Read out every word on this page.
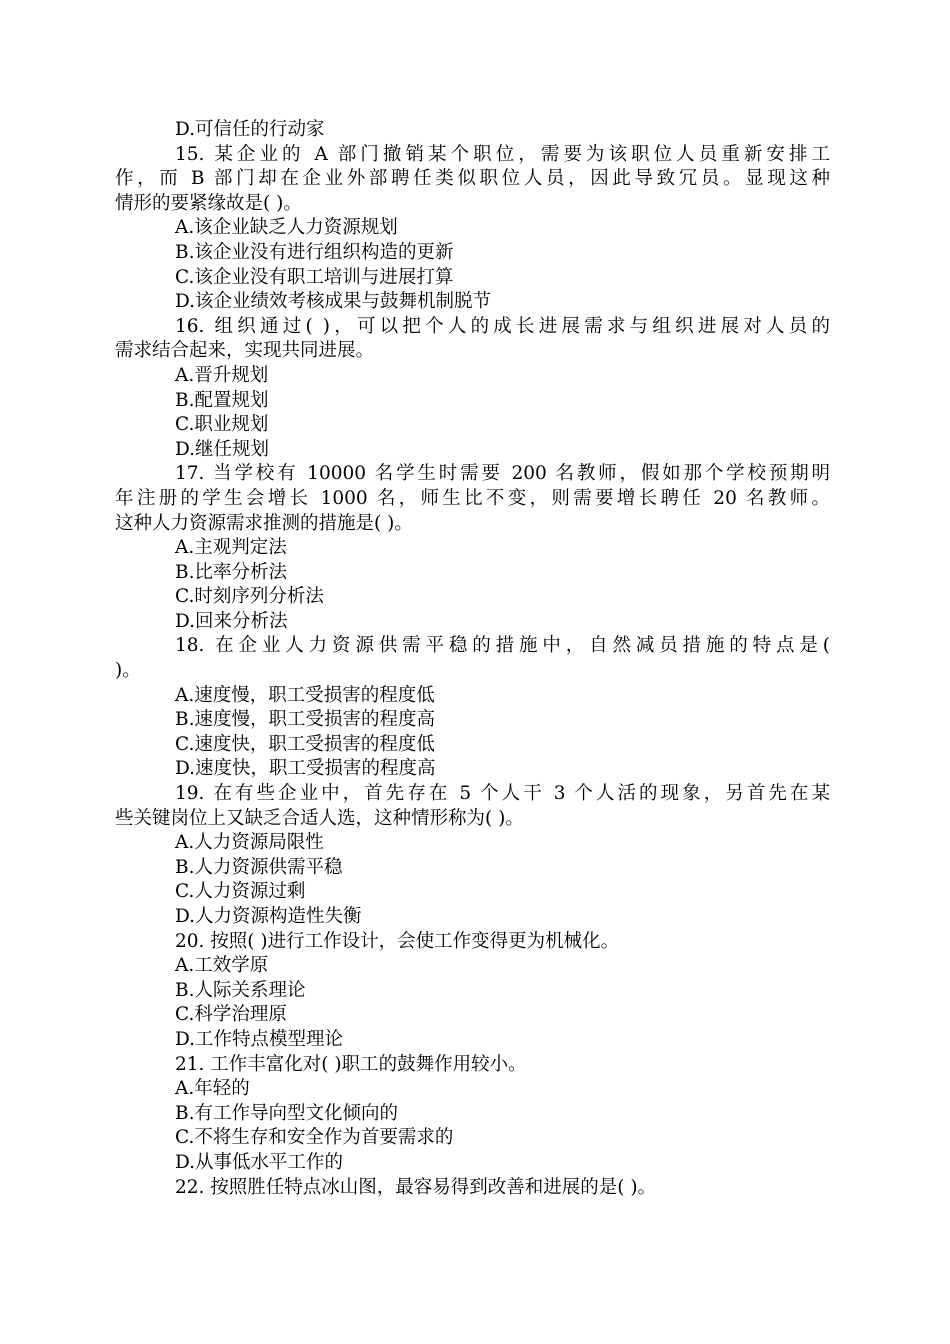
D.可信任的行动家
15. 某企业的 A 部门撤销某个职位，需要为该职位人员重新安排工
作，而 B 部门却在企业外部聘任类似职位人员，因此导致冗员。显现这种
情形的要紧缘故是( )。
A.该企业缺乏人力资源规划
B.该企业没有进行组织构造的更新
C.该企业没有职工培训与进展打算
D.该企业绩效考核成果与鼓舞机制脱节
16. 组织通过( )，可以把个人的成长进展需求与组织进展对人员的
需求结合起来，实现共同进展。
A.晋升规划
B.配置规划
C.职业规划
D.继任规划
17. 当学校有 10000 名学生时需要 200 名教师，假如那个学校预期明
年注册的学生会增长 1000 名，师生比不变，则需要增长聘任 20 名教师。
这种人力资源需求推测的措施是( )。
A.主观判定法
B.比率分析法
C.时刻序列分析法
D.回来分析法
18. 在企业人力资源供需平稳的措施中，自然减员措施的特点是(
)。
A.速度慢，职工受损害的程度低
B.速度慢，职工受损害的程度高
C.速度快，职工受损害的程度低
D.速度快，职工受损害的程度高
19. 在有些企业中，首先存在 5 个人干 3 个人活的现象，另首先在某
些关键岗位上又缺乏合适人选，这种情形称为( )。
A.人力资源局限性
B.人力资源供需平稳
C.人力资源过剩
D.人力资源构造性失衡
20. 按照( )进行工作设计，会使工作变得更为机械化。
A.工效学原
B.人际关系理论
C.科学治理原
D.工作特点模型理论
21. 工作丰富化对( )职工的鼓舞作用较小。
A.年轻的
B.有工作导向型文化倾向的
C.不将生存和安全作为首要需求的
D.从事低水平工作的
22. 按照胜任特点冰山图，最容易得到改善和进展的是( )。
